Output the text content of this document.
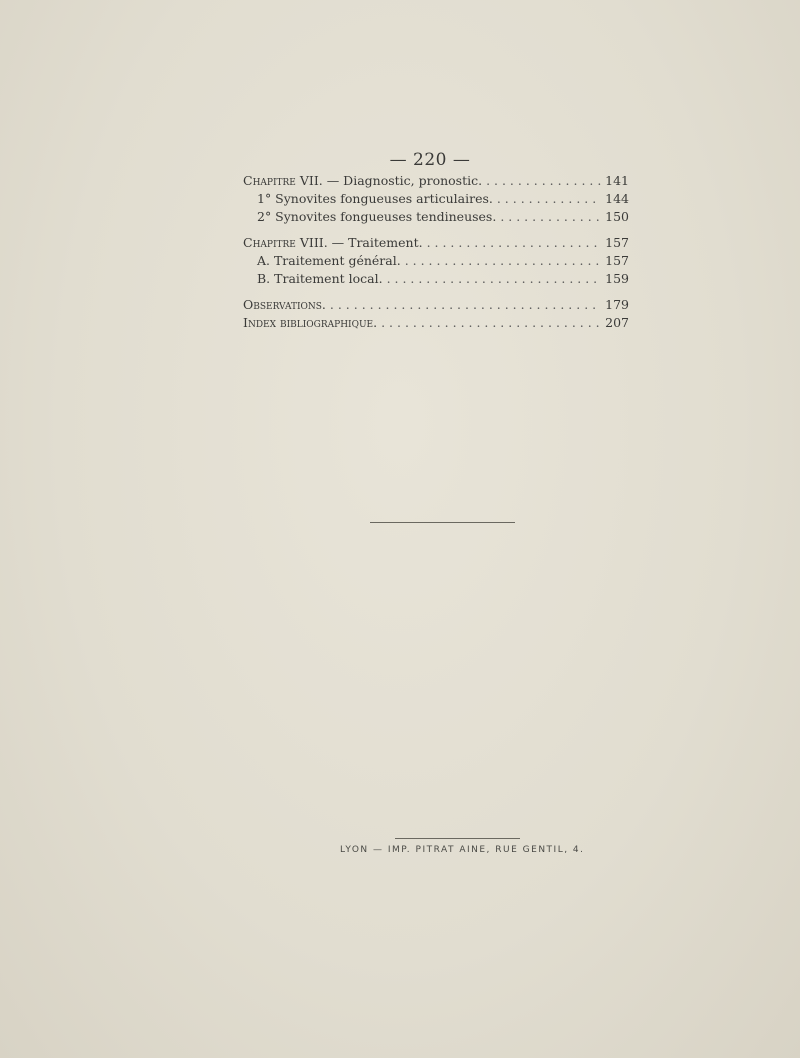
— 220 —
Chapitre VII. — Diagnostic, pronostic. . . .	141
1° Synovites fongueuses articulaires. . . .	144
2° Synovites fongueuses tendineuses. . . .	150
Chapitre VIII. — Traitement. . . .	157
A. Traitement général. . . .	157
B. Traitement local. . . .	159
Observations. . . .	179
Index bibliographique. . . .	207
LYON — IMP. PITRAT AINE, RUE GENTIL, 4.
